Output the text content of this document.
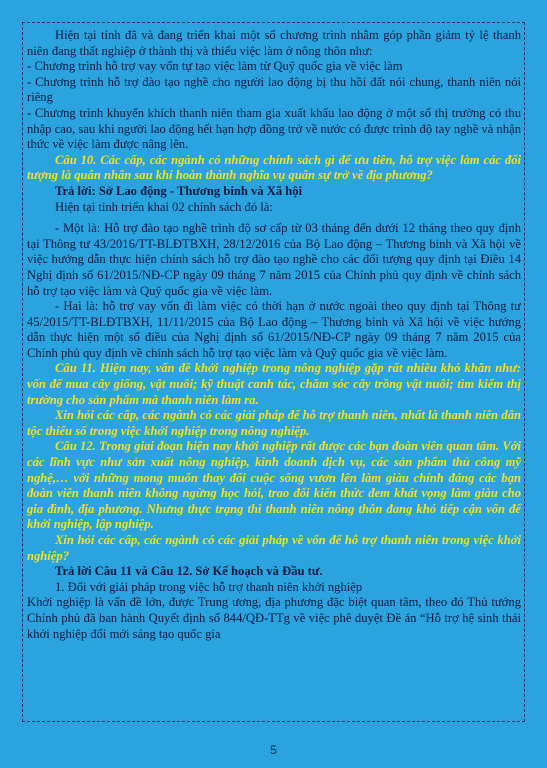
Hiện tại tỉnh đã và đang triển khai một số chương trình nhằm góp phần giảm tỷ lệ thanh niên đang thất nghiệp ở thành thị và thiếu việc làm ở nông thôn như:

- Chương trình hỗ trợ vay vốn tự tạo việc làm từ Quỹ quốc gia về việc làm

- Chương trình hỗ trợ đào tạo nghề cho người lao động bị thu hồi đất nói chung, thanh niên nói riêng

- Chương trình khuyến khích thanh niên tham gia xuất khẩu lao động ở một số thị trường có thu nhập cao, sau khi người lao động hết hạn hợp đồng trở về nước có được trình độ tay nghề và nhận thức về việc làm được nâng lên.

Câu 10. Các cấp, các ngành có những chính sách gì để ưu tiên, hỗ trợ việc làm các đối tượng là quân nhân sau khi hoàn thành nghĩa vụ quân sự trở về địa phương?

Trả lời: Sở Lao động - Thương binh và Xã hội

Hiện tại tỉnh triển khai 02 chính sách đó là:

- Một là: Hỗ trợ đào tạo nghề trình độ sơ cấp từ 03 tháng đến dưới 12 tháng theo quy định tại Thông tư 43/2016/TT-BLĐTBXH, 28/12/2016 của Bộ Lao động – Thương binh và Xã hội về việc hướng dẫn thực hiện chính sách hỗ trợ đào tạo nghề cho các đối tượng quy định tại Điều 14 Nghị định số 61/2015/NĐ-CP ngày 09 tháng 7 năm 2015 của Chính phủ quy định về chính sách hỗ trợ tạo việc làm và Quỹ quốc gia về việc làm.

- Hai là: hỗ trợ vay vốn đi làm việc có thời hạn ở nước ngoài theo quy định tại Thông tư 45/2015/TT-BLĐTBXH, 11/11/2015 của Bộ Lao động – Thương binh và Xã hội về việc hướng dẫn thực hiện một số điều của Nghị định số 61/2015/NĐ-CP ngày 09 tháng 7 năm 2015 của Chính phủ quy định về chính sách hỗ trợ tạo việc làm và Quỹ quốc gia về việc làm.

Câu 11. Hiện nay, vấn đề khởi nghiệp trong nông nghiệp gặp rất nhiều khó khăn như: vốn để mua cây giống, vật nuôi; kỹ thuật canh tác, chăm sóc cây trồng vật nuôi; tìm kiếm thị trường cho sản phẩm mà thanh niên làm ra.

Xin hỏi các cấp, các ngành có các giải pháp để hỗ trợ thanh niên, nhất là thanh niên dân tộc thiểu số trong việc khởi nghiệp trong nông nghiệp.

Câu 12. Trong giai đoạn hiện nay khởi nghiệp rất được các bạn đoàn viên quan tâm. Với các lĩnh vực như sản xuất nông nghiệp, kinh doanh dịch vụ, các sản phẩm thủ công mỹ nghệ,… với những mong muốn thay đổi cuộc sống vươn lên làm giàu chính đáng các bạn đoàn viên thanh niên không ngừng học hỏi, trao đổi kiến thức đem khát vọng làm giàu cho gia đình, địa phương. Nhưng thực trạng thì thanh niên nông thôn đang khó tiếp cận vốn để khởi nghiệp, lập nghiệp.

Xin hỏi các cấp, các ngành có các giải pháp về vốn để hỗ trợ thanh niên trong việc khởi nghiệp?

Trả lời Câu 11 và Câu 12. Sở Kế hoạch và Đầu tư.

1. Đối với giải pháp trong việc hỗ trợ thanh niên khởi nghiệp

Khởi nghiệp là vấn đề lớn, được Trung ương, địa phương đặc biệt quan tâm, theo đó Thủ tướng Chính phủ đã ban hành Quyết định số 844/QĐ-TTg về việc phê duyệt Đề án “Hỗ trợ hệ sinh thái khởi nghiệp đổi mới sáng tạo quốc gia

5
